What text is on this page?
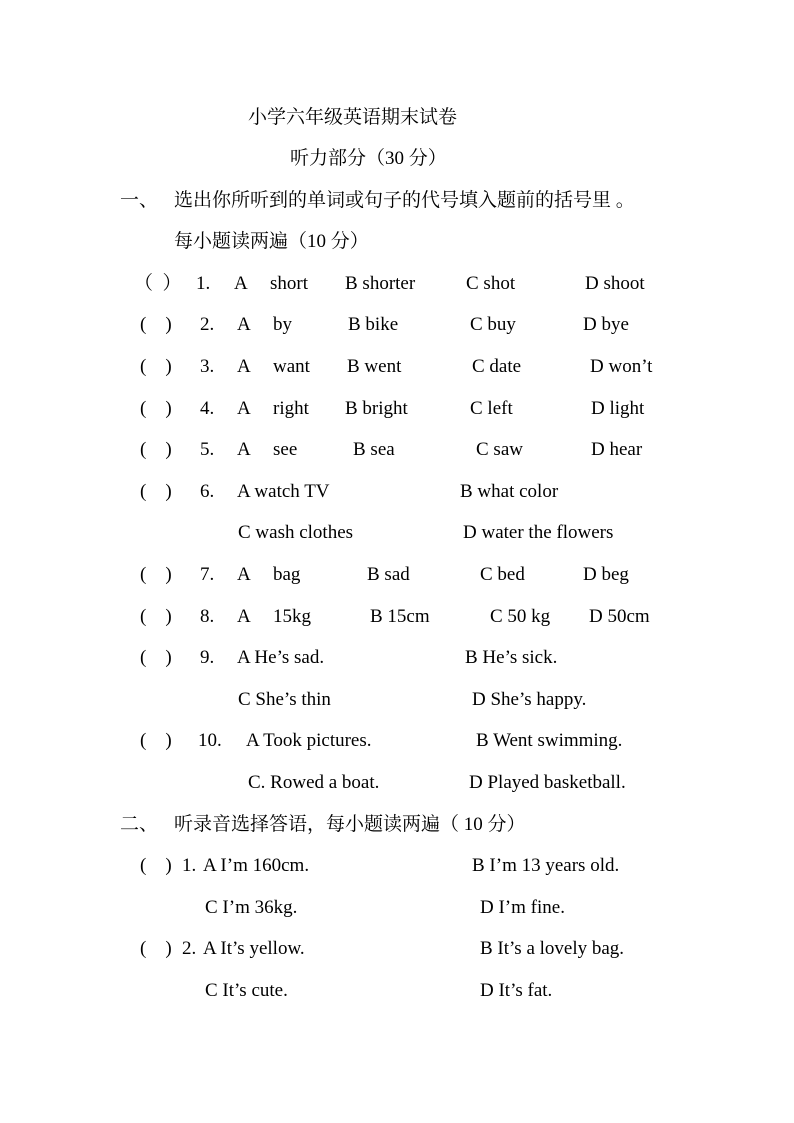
小学六年级英语期末试卷
听力部分（30 分）
一、 选出你所听到的单词或句子的代号填入题前的括号里 。
每小题读两遍（10 分）
（  ） 1. A short B shorter	C shot	D shoot
(    ) 2. A by	B bike	C buy	D bye
(    ) 3. A want B went	C date	D won’t
(    ) 4. A right B bright	C left	D light
(    ) 5. A see	B sea	C saw	D hear
(    ) 6. A watch TV	B what color
C wash clothes	D water the flowers
(    ) 7. A bag	B sad	C bed	D beg
(    ) 8. A 15kg	B 15cm	C 50 kg D 50cm
(    ) 9. A He’s sad.	B He’s sick.
C She’s thin	D She’s happy.
(    ) 10. A Took pictures.	B Went swimming.
C. Rowed a boat.	D Played basketball.
二、 听录音选择答语，每小题读两遍（ 10 分）
(    ) 1. A I’m 160cm.	B I’m 13 years old.
C I’m 36kg.	D I’m fine.
(    ) 2. A It’s yellow.	B It’s a lovely bag.
C It’s cute.	D It’s fat.
